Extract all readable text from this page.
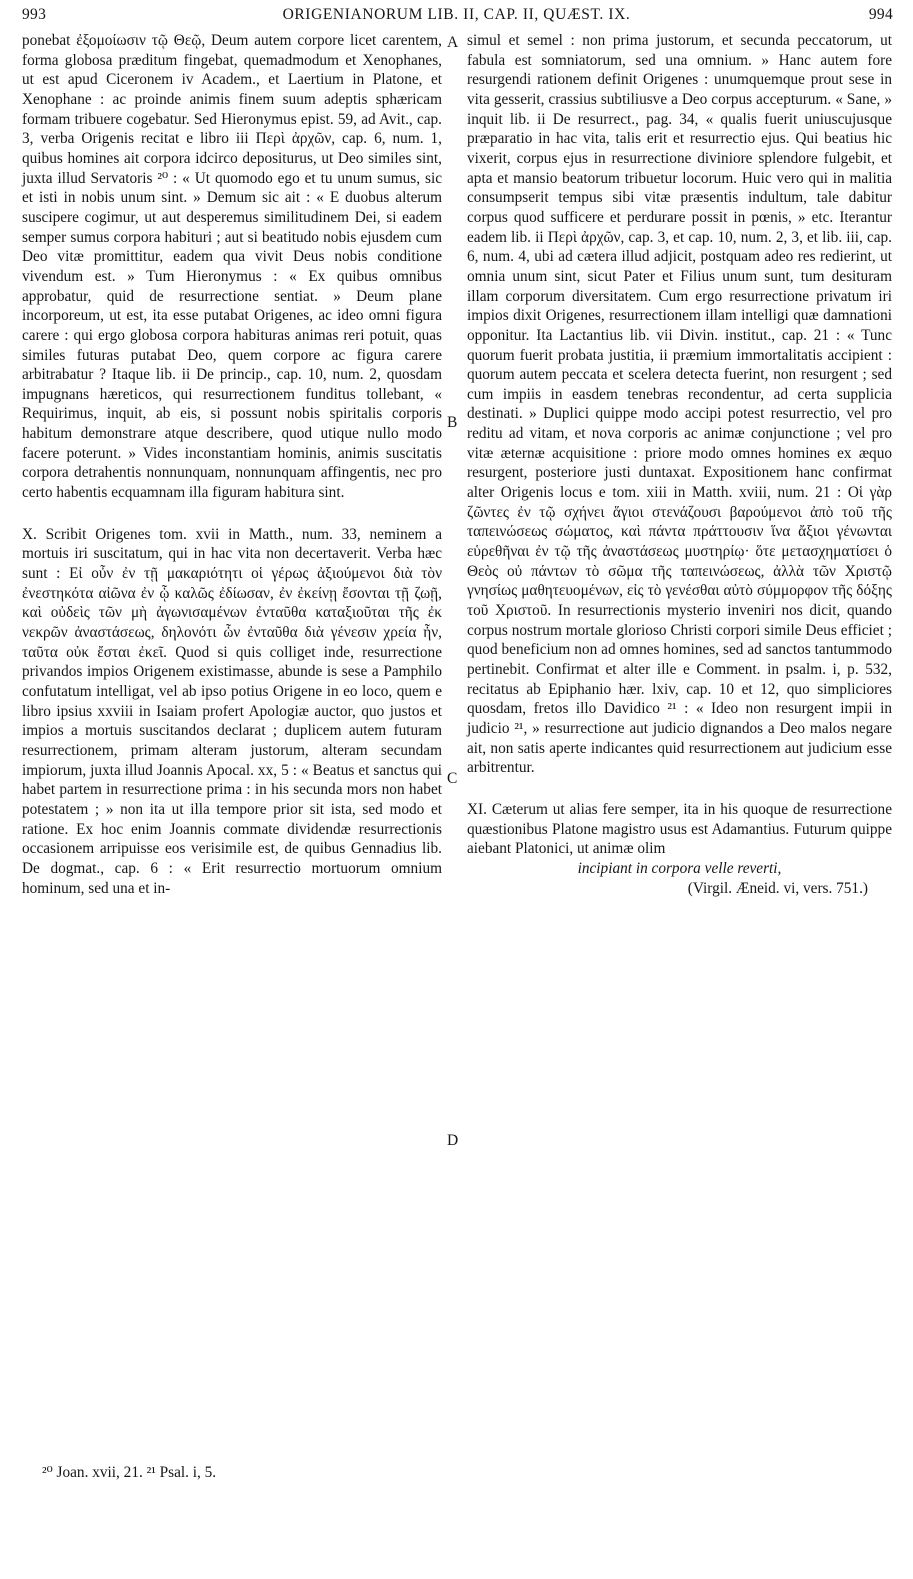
993	ORIGENIANORUM LIB. II, CAP. II, QUÆST. IX.	994

ponebat ἐξομοίωσιν τῷ Θεῷ, Deum autem corpore licet carentem, forma globosa præditum fingebat, quemadmodum et Xenophanes, ut est apud Ciceronem iv Academ., et Laertium in Platone, et Xenophane : ac proinde animis finem suum adeptis sphæricam formam tribuere cogebatur. Sed Hieronymus epist. 59, ad Avit., cap. 3, verba Origenis recitat e libro iii Περὶ ἀρχῶν, cap. 6, num. 1, quibus homines ait corpora idcirco depositurus, ut Deo similes sint, juxta illud Servatoris ²⁰ : « Ut quomodo ego et tu unum sumus, sic et isti in nobis unum sint. » Demum sic ait : « E duobus alterum suscipere cogimur, ut aut desperemus similitudinem Dei, si eadem semper sumus corpora habituri ; aut si beatitudo nobis ejusdem cum Deo vitæ promittitur, eadem qua vivit Deus nobis conditione vivendum est. » Tum Hieronymus : « Ex quibus omnibus approbatur, quid de resurrectione sentiat. » Deum plane incorporeum, ut est, ita esse putabat Origenes, ac ideo omni figura carere : qui ergo globosa corpora habituras animas reri potuit, quas similes futuras putabat Deo, quem corpore ac figura carere arbitrabatur ? Itaque lib. ii De princip., cap. 10, num. 2, quosdam impugnans hæreticos, qui resurrectionem funditus tollebant, « Requirimus, inquit, ab eis, si possunt nobis spiritalis corporis habitum demonstrare atque describere, quod utique nullo modo facere poterunt. » Vides inconstantiam hominis, animis suscitatis corpora detrahentis nonnunquam, nonnunquam affingentis, nec pro certo habentis ecquamnam illa figuram habitura sint.

X. Scribit Origenes tom. xvii in Matth., num. 33, neminem a mortuis iri suscitatum, qui in hac vita non decertaverit. Verba hæc sunt : Εἰ οὖν ἐν τῇ μακαριότητι οἱ γέρως ἀξιούμενοι διὰ τὸν ἐνεστηκότα αἰῶνα ἐν ᾧ καλῶς ἐδίωσαν, ἐν ἐκείνῃ ἔσονται τῇ ζωῇ, καὶ οὐδεὶς τῶν μὴ ἀγωνισαμένων ἐνταῦθα καταξιοῦται τῆς ἐκ νεκρῶν ἀναστάσεως, δηλονότι ὧν ἐνταῦθα διὰ γένεσιν χρεία ἦν, ταῦτα οὐκ ἔσται ἐκεῖ. Quod si quis colliget inde, resurrectione privandos impios Origenem existimasse, abunde is sese a Pamphilo confutatum intelligat, vel ab ipso potius Origene in eo loco, quem e libro ipsius xxviii in Isaiam profert Apologiæ auctor, quo justos et impios a mortuis suscitandos declarat ; duplicem autem futuram resurrectionem, primam alteram justorum, alteram secundam impiorum, juxta illud Joannis Apocal. xx, 5 : « Beatus et sanctus qui habet partem in resurrectione prima : in his secunda mors non habet potestatem ; » non ita ut illa tempore prior sit ista, sed modo et ratione. Ex hoc enim Joannis commate dividendæ resurrectionis occasionem arripuisse eos verisimile est, de quibus Gennadius lib. De dogmat., cap. 6 : « Erit resurrectio mortuorum omnium hominum, sed una et in-

A
B
C
D

simul et semel : non prima justorum, et secunda peccatorum, ut fabula est somniatorum, sed una omnium. » Hanc autem fore resurgendi rationem definit Origenes : unumquemque prout sese in vita gesserit, crassius subtiliusve a Deo corpus accepturum. « Sane, » inquit lib. ii De resurrect., pag. 34, « qualis fuerit uniuscujusque præparatio in hac vita, talis erit et resurrectio ejus. Qui beatius hic vixerit, corpus ejus in resurrectione diviniore splendore fulgebit, et apta et mansio beatorum tribuetur locorum. Huic vero qui in malitia consumpserit tempus sibi vitæ præsentis indultum, tale dabitur corpus quod sufficere et perdurare possit in pœnis, » etc. Iterantur eadem lib. ii Περὶ ἀρχῶν, cap. 3, et cap. 10, num. 2, 3, et lib. iii, cap. 6, num. 4, ubi ad cætera illud adjicit, postquam adeo res redierint, ut omnia unum sint, sicut Pater et Filius unum sunt, tum desituram illam corporum diversitatem. Cum ergo resurrectione privatum iri impios dixit Origenes, resurrectionem illam intelligi quæ damnationi opponitur. Ita Lactantius lib. vii Divin. institut., cap. 21 : « Tunc quorum fuerit probata justitia, ii præmium immortalitatis accipient : quorum autem peccata et scelera detecta fuerint, non resurgent ; sed cum impiis in easdem tenebras recondentur, ad certa supplicia destinati. » Duplici quippe modo accipi potest resurrectio, vel pro reditu ad vitam, et nova corporis ac animæ conjunctione ; vel pro vitæ æternæ acquisitione : priore modo omnes homines ex æquo resurgent, posteriore justi duntaxat. Expositionem hanc confirmat alter Origenis locus e tom. xiii in Matth. xviii, num. 21 : Οἱ γὰρ ζῶντες ἐν τῷ σχήνει ἅγιοι στενάζουσι βαρούμενοι ἀπὸ τοῦ τῆς ταπεινώσεως σώματος, καὶ πάντα πράττουσιν ἵνα ἄξιοι γένωνται εὑρεθῆναι ἐν τῷ τῆς ἀναστάσεως μυστηρίῳ· ὅτε μετασχηματίσει ὁ Θεὸς οὐ πάντων τὸ σῶμα τῆς ταπεινώσεως, ἀλλὰ τῶν Χριστῷ γνησίως μαθητευομένων, εἰς τὸ γενέσθαι αὐτὸ σύμμορφον τῆς δόξης τοῦ Χριστοῦ. In resurrectionis mysterio inveniri nos dicit, quando corpus nostrum mortale glorioso Christi corpori simile Deus efficiet ; quod beneficium non ad omnes homines, sed ad sanctos tantummodo pertinebit. Confirmat et alter ille e Comment. in psalm. i, p. 532, recitatus ab Epiphanio hær. lxiv, cap. 10 et 12, quo simpliciores quosdam, fretos illo Davidico ²¹ : « Ideo non resurgent impii in judicio ²¹, » resurrectione aut judicio dignandos a Deo malos negare ait, non satis aperte indicantes quid resurrectionem aut judicium esse arbitrentur.

XI. Cæterum ut alias fere semper, ita in his quoque de resurrectione quæstionibus Platone magistro usus est Adamantius. Futurum quippe aiebant Platonici, ut animæ olim

incipiant in corpora velle reverti,

(Virgil. Æneid. vi, vers. 751.)

²⁰ Joan. xvii, 21. ²¹ Psal. i, 5.
